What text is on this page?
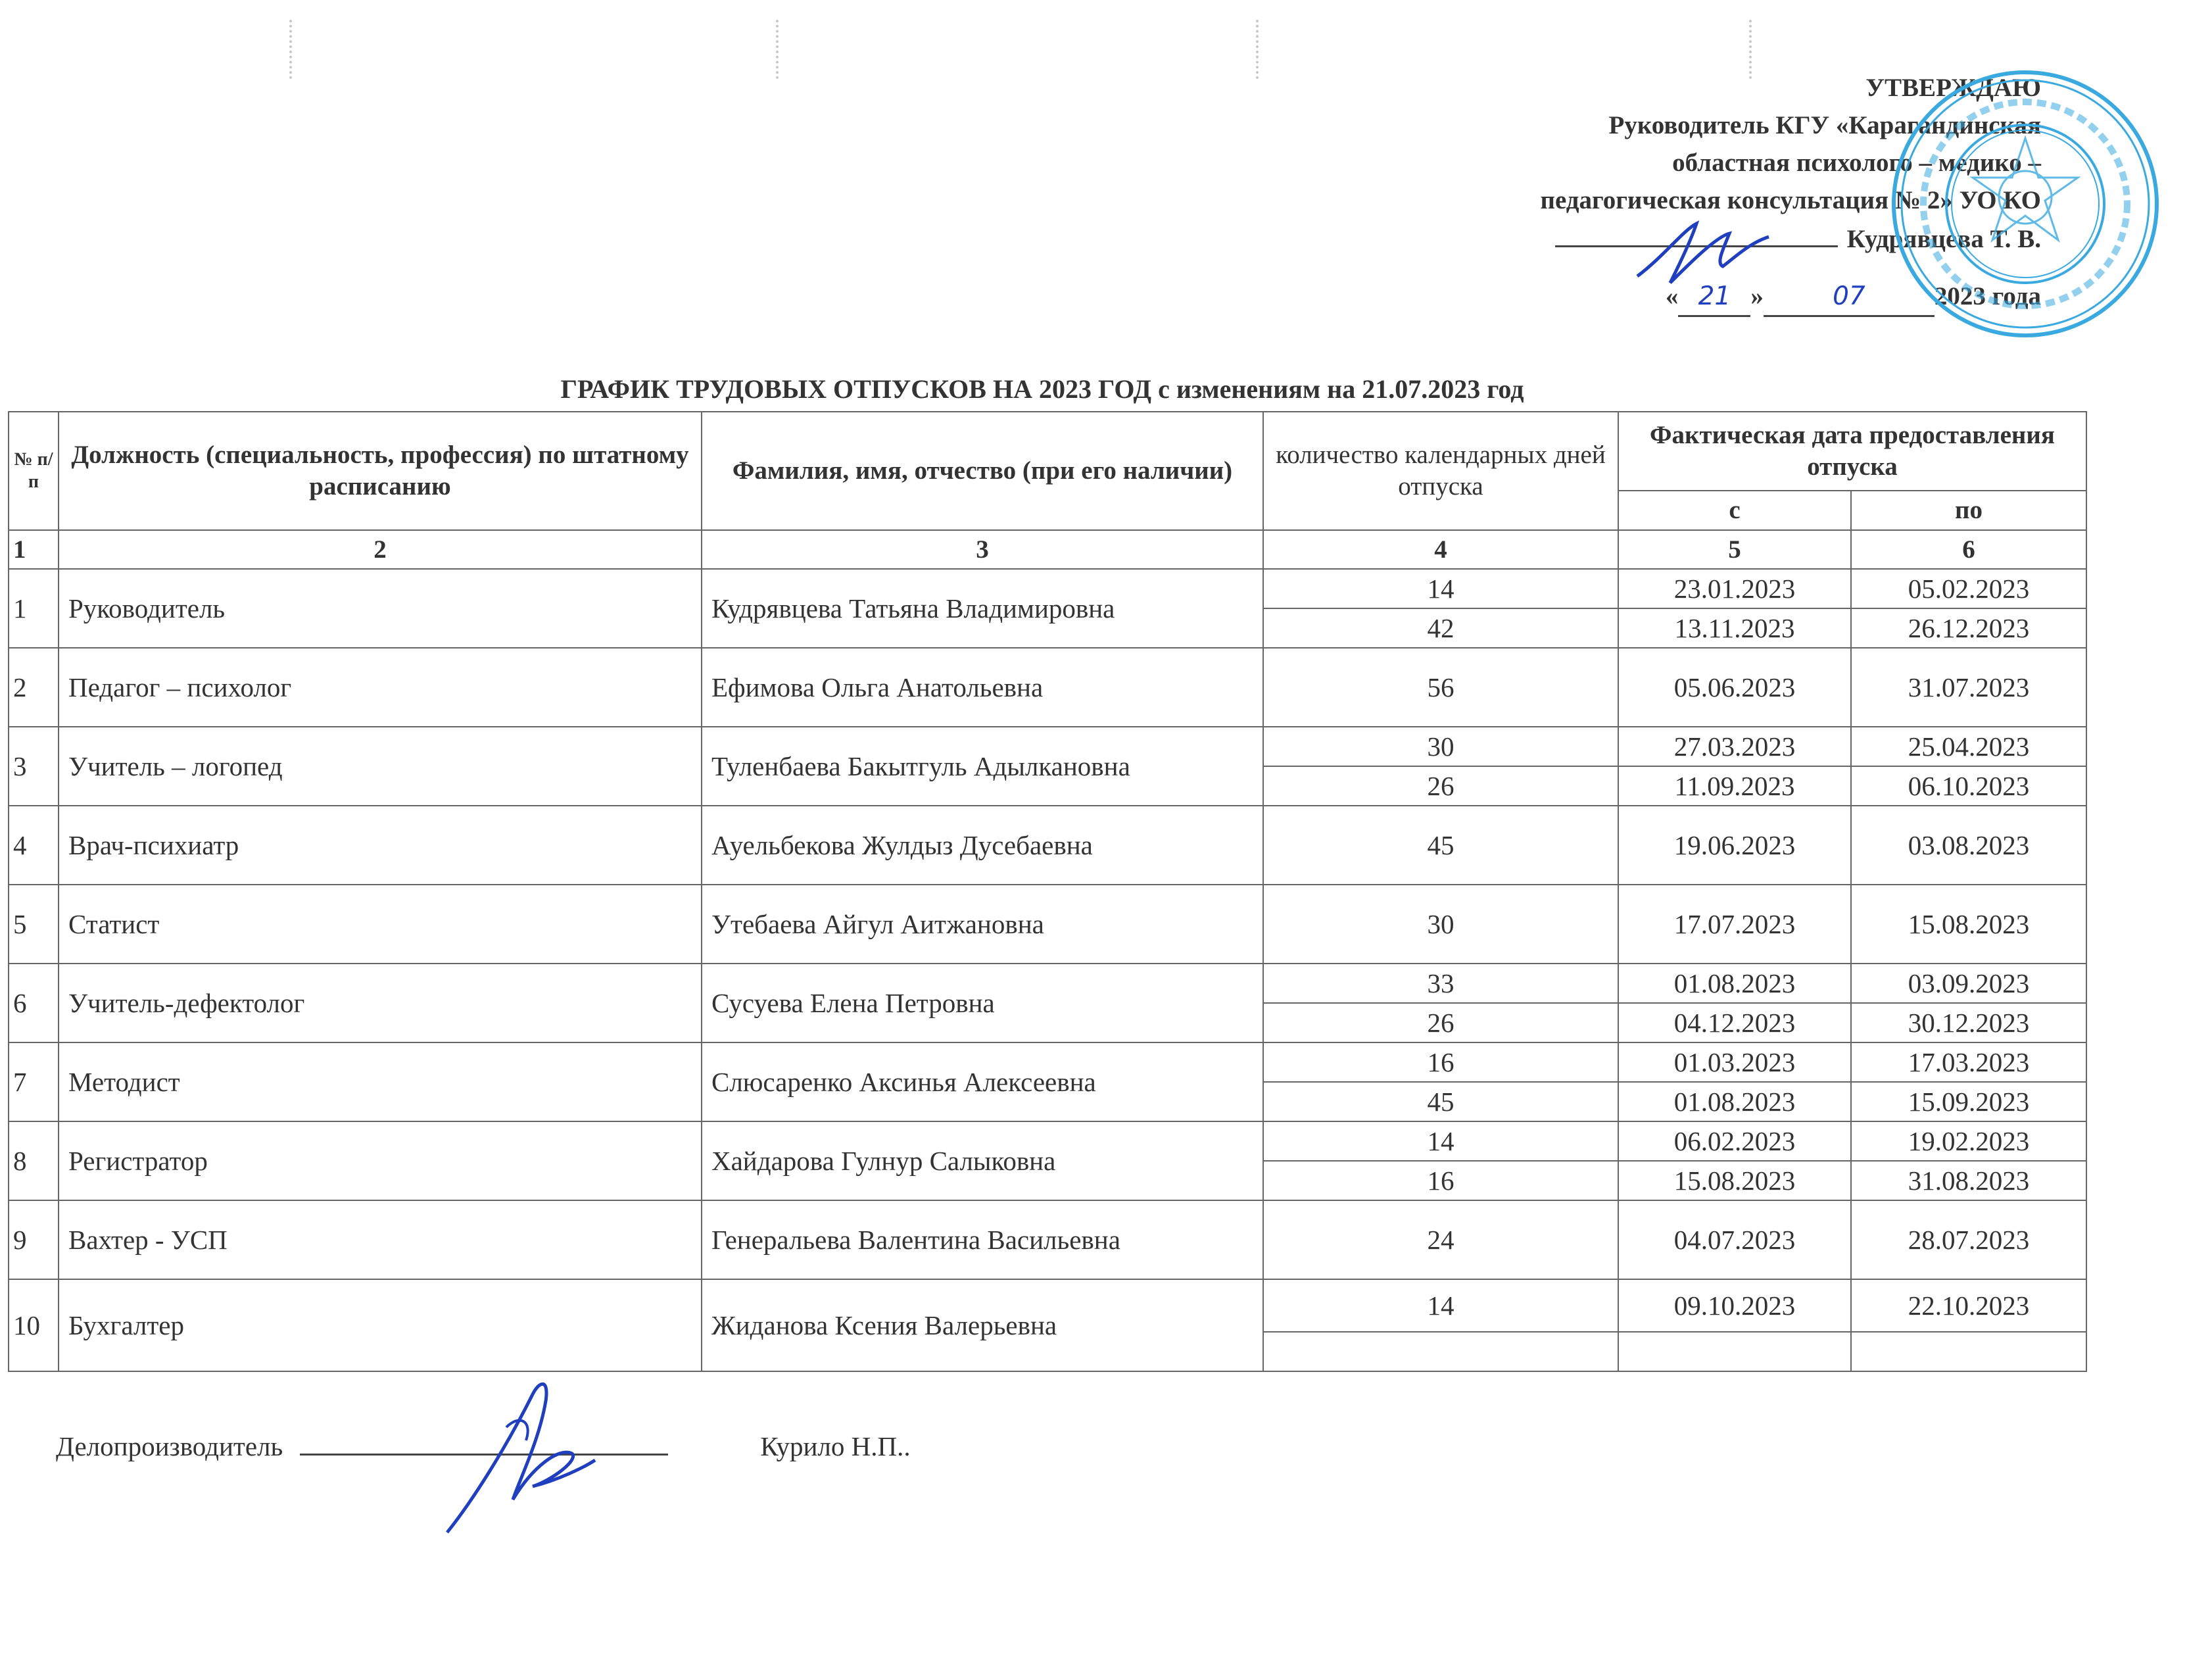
УТВЕРЖДАЮ
Руководитель КГУ «Карагандинская
областная психолого – медико –
педагогическая консультация № 2» УО КО
Кудрявцева Т. В.
« 21 »	07	2023 года
ГРАФИК ТРУДОВЫХ ОТПУСКОВ НА 2023 ГОД с изменениям на 21.07.2023 год
№ п/п	Должность (специальность, профессия) по штатному расписанию	Фамилия, имя, отчество (при его наличии)	количество календарных дней отпуска	Фактическая дата предоставления отпуска	
				с	по
1	2	3	4	5	6
1	Руководитель	Кудрявцева Татьяна Владимировна	14	23.01.2023	05.02.2023
			42	13.11.2023	26.12.2023
2	Педагог – психолог	Ефимова Ольга Анатольевна	56	05.06.2023	31.07.2023
3	Учитель – логопед	Туленбаева Бакытгуль Адылкановна	30	27.03.2023	25.04.2023
			26	11.09.2023	06.10.2023
4	Врач-психиатр	Ауельбекова Жулдыз Дусебаевна	45	19.06.2023	03.08.2023
5	Статист	Утебаева Айгул Аитжановна	30	17.07.2023	15.08.2023
6	Учитель-дефектолог	Сусуева Елена Петровна	33	01.08.2023	03.09.2023
			26	04.12.2023	30.12.2023
7	Методист	Слюсаренко Аксинья Алексеевна	16	01.03.2023	17.03.2023
			45	01.08.2023	15.09.2023
8	Регистратор	Хайдарова Гулнур Салыковна	14	06.02.2023	19.02.2023
			16	15.08.2023	31.08.2023
9	Вахтер - УСП	Генеральева Валентина Васильевна	24	04.07.2023	28.07.2023
10	Бухгалтер	Жиданова Ксения Валерьевна	14	09.10.2023	22.10.2023

Делопроизводитель	Курило Н.П..
